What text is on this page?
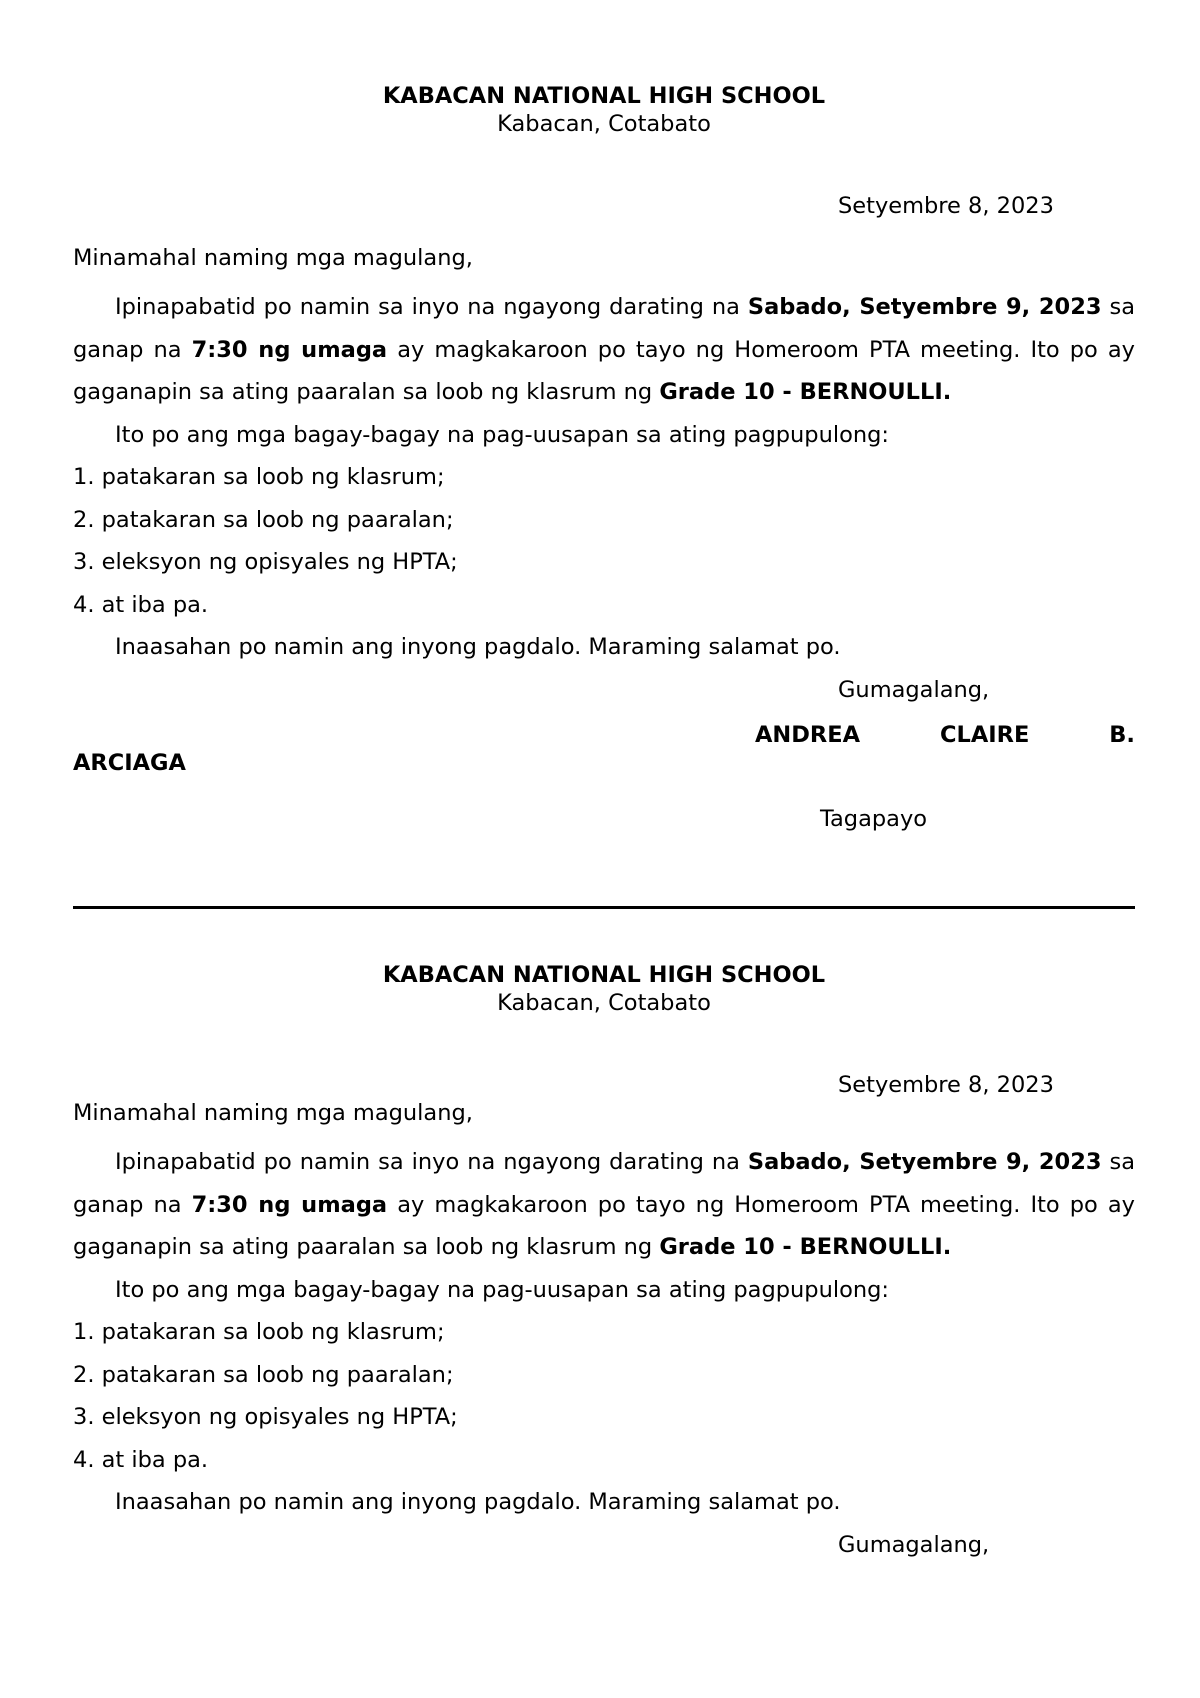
KABACAN NATIONAL HIGH SCHOOL
Kabacan, Cotabato
Setyembre 8, 2023
Minamahal naming mga magulang,
Ipinapabatid po namin sa inyo na ngayong darating na Sabado, Setyembre 9, 2023 sa ganap na 7:30 ng umaga ay magkakaroon po tayo ng Homeroom PTA meeting. Ito po ay gaganapin sa ating paaralan sa loob ng klasrum ng Grade 10 - BERNOULLI.
Ito po ang mga bagay-bagay na pag-uusapan sa ating pagpupulong:
1. patakaran sa loob ng klasrum;
2. patakaran sa loob ng paaralan;
3. eleksyon ng opisyales ng HPTA;
4. at iba pa.
Inaasahan po namin ang inyong pagdalo. Maraming salamat po.
Gumagalang,
ANDREA	CLAIRE	B.
ARCIAGA
Tagapayo
KABACAN NATIONAL HIGH SCHOOL
Kabacan, Cotabato
Setyembre 8, 2023
Minamahal naming mga magulang,
Ipinapabatid po namin sa inyo na ngayong darating na Sabado, Setyembre 9, 2023 sa ganap na 7:30 ng umaga ay magkakaroon po tayo ng Homeroom PTA meeting. Ito po ay gaganapin sa ating paaralan sa loob ng klasrum ng Grade 10 - BERNOULLI.
Ito po ang mga bagay-bagay na pag-uusapan sa ating pagpupulong:
1. patakaran sa loob ng klasrum;
2. patakaran sa loob ng paaralan;
3. eleksyon ng opisyales ng HPTA;
4. at iba pa.
Inaasahan po namin ang inyong pagdalo. Maraming salamat po.
Gumagalang,
